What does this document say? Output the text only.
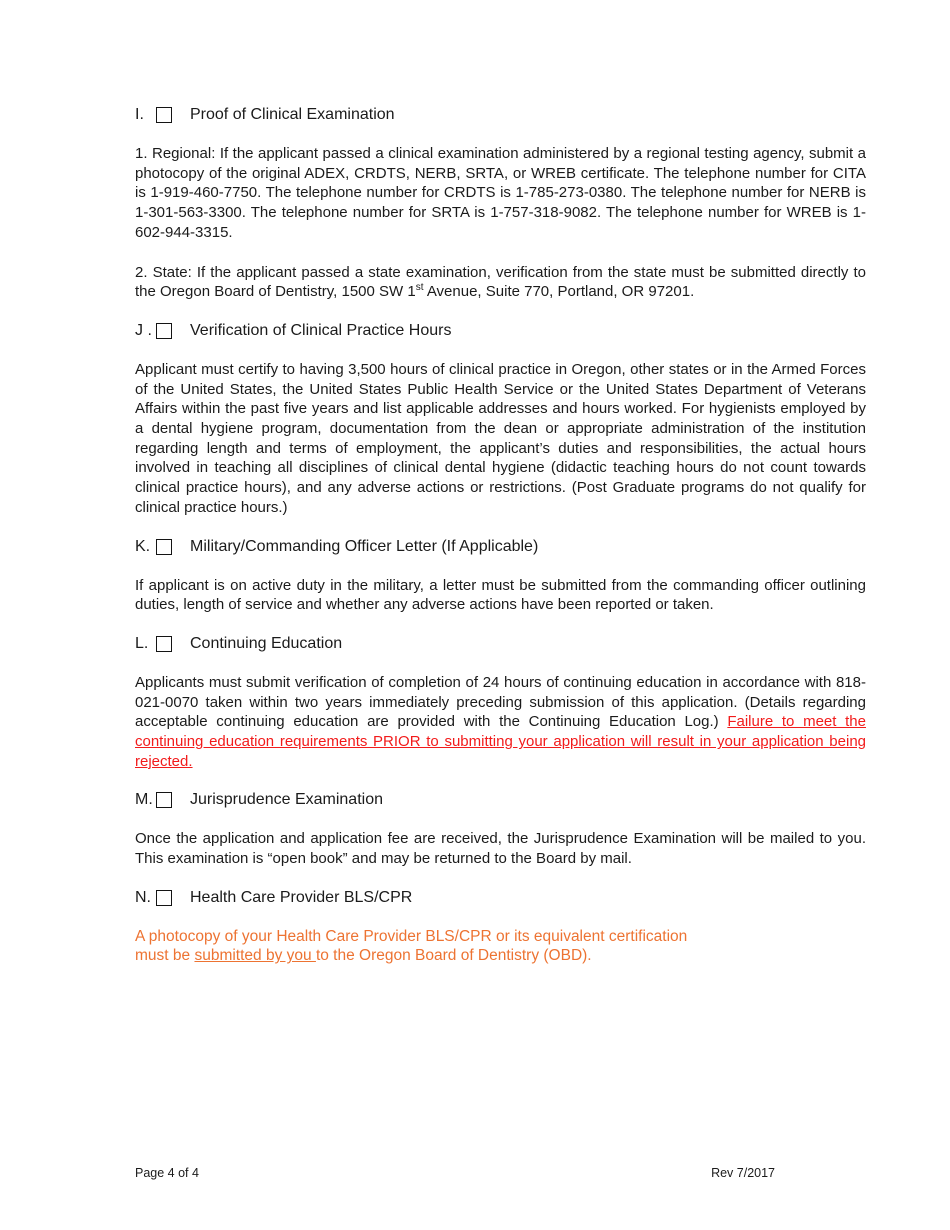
I.	Proof of Clinical Examination

1. Regional: If the applicant passed a clinical examination administered by a regional testing agency, submit a photocopy of the original ADEX, CRDTS, NERB, SRTA, or WREB certificate. The telephone number for CITA is 1-919-460-7750. The telephone number for CRDTS is 1-785-273-0380. The telephone number for NERB is 1-301-563-3300. The telephone number for SRTA is 1-757-318-9082. The telephone number for WREB is 1-602-944-3315.

2. State: If the applicant passed a state examination, verification from the state must be submitted directly to the Oregon Board of Dentistry, 1500 SW 1st Avenue, Suite 770, Portland, OR 97201.

J . Verification of Clinical Practice Hours

Applicant must certify to having 3,500 hours of clinical practice in Oregon, other states or in the Armed Forces of the United States, the United States Public Health Service or the United States Department of Veterans Affairs within the past five years and list applicable addresses and hours worked. For hygienists employed by a dental hygiene program, documentation from the dean or appropriate administration of the institution regarding length and terms of employment, the applicant’s duties and responsibilities, the actual hours involved in teaching all disciplines of clinical dental hygiene (didactic teaching hours do not count towards clinical practice hours), and any adverse actions or restrictions. (Post Graduate programs do not qualify for clinical practice hours.)

K. Military/Commanding Officer Letter (If Applicable)

If applicant is on active duty in the military, a letter must be submitted from the commanding officer outlining duties, length of service and whether any adverse actions have been reported or taken.

L.	Continuing Education

Applicants must submit verification of completion of 24 hours of continuing education in accordance with 818-021-0070 taken within two years immediately preceding submission of this application. (Details regarding acceptable continuing education are provided with the Continuing Education Log.) Failure to meet the continuing education requirements PRIOR to submitting your application will result in your application being rejected.

M. Jurisprudence Examination

Once the application and application fee are received, the Jurisprudence Examination will be mailed to you. This examination is “open book” and may be returned to the Board by mail.

N. Health Care Provider BLS/CPR

A photocopy of your Health Care Provider BLS/CPR or its equivalent certification
must be submitted by you to the Oregon Board of Dentistry (OBD).

Page 4 of 4	Rev 7/2017
